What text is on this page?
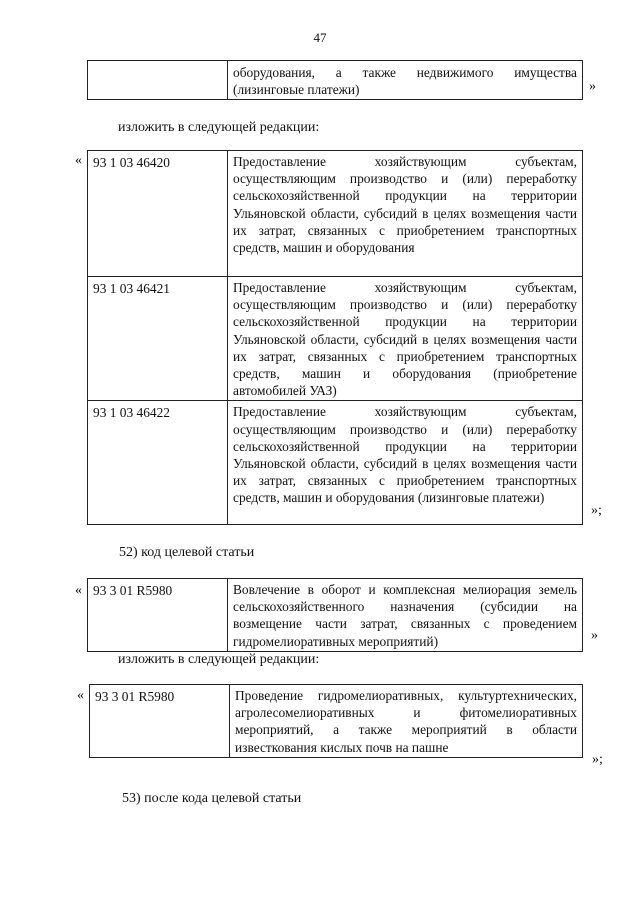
47
	оборудования, а также недвижимого имущества (лизинговые платежи)	»
изложить в следующей редакции:
« 93 1 03 46420	Предоставление хозяйствующим субъектам, осуществляющим производство и (или) переработку сельскохозяйственной продукции на территории Ульяновской области, субсидий в целях возмещения части их затрат, связанных с приобретением транспортных средств, машин и оборудования
93 1 03 46421	Предоставление хозяйствующим субъектам, осуществляющим производство и (или) переработку сельскохозяйственной продукции на территории Ульяновской области, субсидий в целях возмещения части их затрат, связанных с приобретением транспортных средств, машин и оборудования (приобретение автомобилей УАЗ)
93 1 03 46422	Предоставление хозяйствующим субъектам, осуществляющим производство и (или) переработку сельскохозяйственной продукции на территории Ульяновской области, субсидий в целях возмещения части их затрат, связанных с приобретением транспортных средств, машин и оборудования (лизинговые платежи)
»;
52) код целевой статьи
« 93 3 01 R5980	Вовлечение в оборот и комплексная мелиорация земель сельскохозяйственного назначения (субсидии на возмещение части затрат, связанных с проведением гидромелиоративных мероприятий)	»
изложить в следующей редакции:
« 93 3 01 R5980	Проведение гидромелиоративных, культуртехнических, агролесомелиоративных и фитомелиоративных мероприятий, а также мероприятий в области известкования кислых почв на пашне
»;
53) после кода целевой статьи
